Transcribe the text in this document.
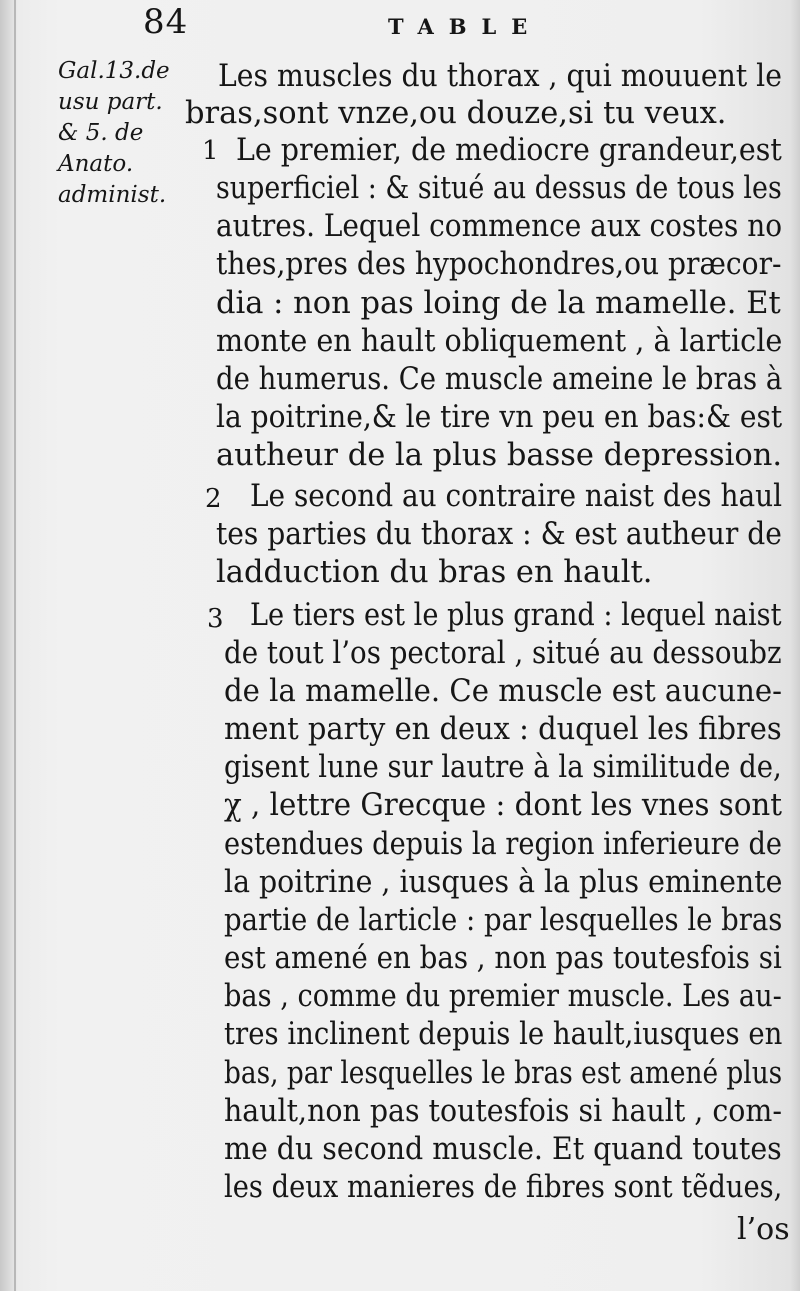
84	TABLE
Gal.13.de
usu part.
& 5. de
Anato.
administ.
Les muscles du thorax , qui mouuent le
bras,sont vnze,ou douze,si tu veux.
1 Le premier, de mediocre grandeur,est
superficiel : & situé au dessus de tous les
autres. Lequel commence aux costes no
thes,pres des hypochondres,ou præcor-
dia : non pas loing de la mamelle. Et
monte en hault obliquement , à larticle
de humerus. Ce muscle ameine le bras à
la poitrine,& le tire vn peu en bas:& est
autheur de la plus basse depression.
2 Le second au contraire naist des haul
tes parties du thorax : & est autheur de
ladduction du bras en hault.
3 Le tiers est le plus grand : lequel naist
de tout l’os pectoral , situé au dessoubz
de la mamelle. Ce muscle est aucune-
ment party en deux : duquel les fibres
gisent lune sur lautre à la similitude de,
χ , lettre Grecque : dont les vnes sont
estendues depuis la region inferieure de
la poitrine , iusques à la plus eminente
partie de larticle : par lesquelles le bras
est amené en bas , non pas toutesfois si
bas , comme du premier muscle. Les au-
tres inclinent depuis le hault,iusques en
bas, par lesquelles le bras est amené plus
hault,non pas toutesfois si hault , com-
me du second muscle. Et quand toutes
les deux manieres de fibres sont tẽdues,
l’os
